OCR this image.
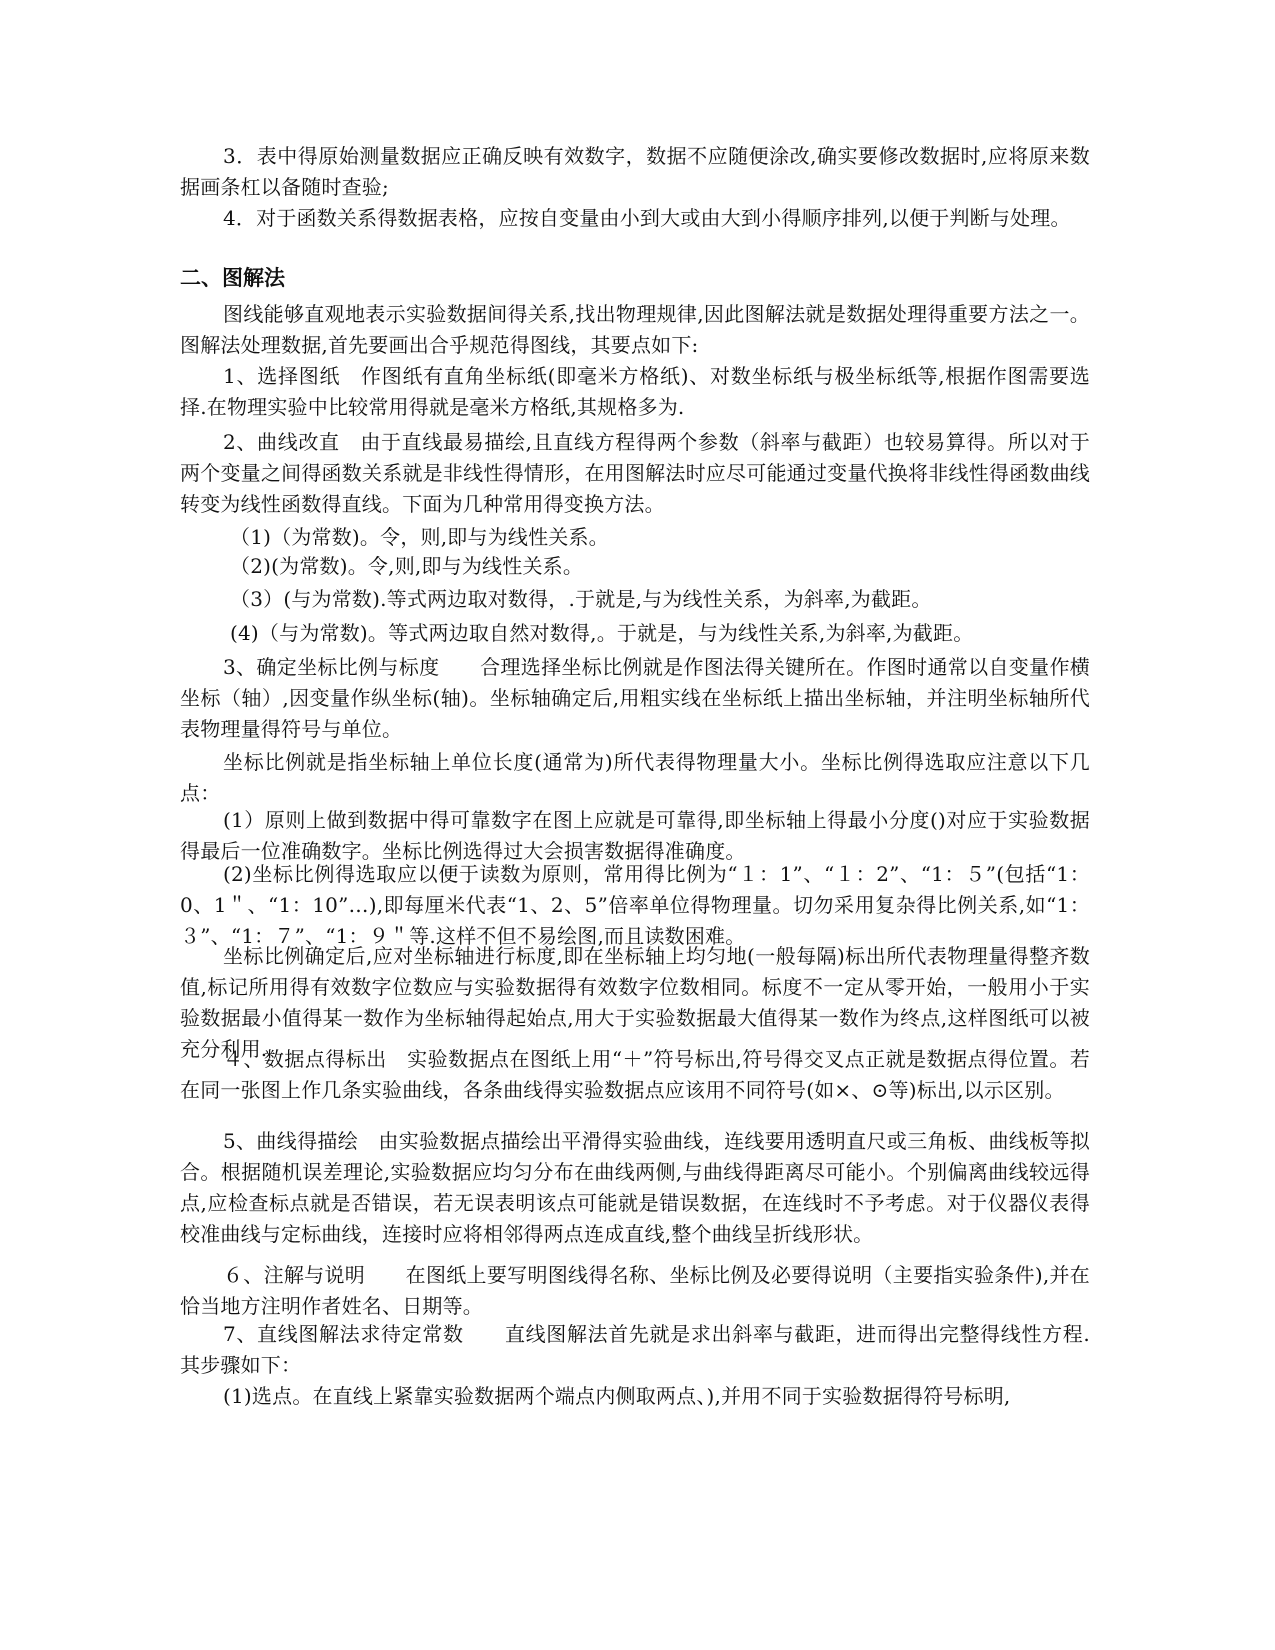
3．表中得原始测量数据应正确反映有效数字，数据不应随便涂改,确实要修改数据时,应将原来数据画条杠以备随时查验;
4．对于函数关系得数据表格，应按自变量由小到大或由大到小得顺序排列,以便于判断与处理。
二、图解法
图线能够直观地表示实验数据间得关系,找出物理规律,因此图解法就是数据处理得重要方法之一。图解法处理数据,首先要画出合乎规范得图线，其要点如下:
1、选择图纸　作图纸有直角坐标纸(即毫米方格纸)、对数坐标纸与极坐标纸等,根据作图需要选择.在物理实验中比较常用得就是毫米方格纸,其规格多为.
2、曲线改直　由于直线最易描绘,且直线方程得两个参数（斜率与截距）也较易算得。所以对于两个变量之间得函数关系就是非线性得情形，在用图解法时应尽可能通过变量代换将非线性得函数曲线转变为线性函数得直线。下面为几种常用得变换方法。
（1)（为常数)。令，则,即与为线性关系。
（2)(为常数)。令,则,即与为线性关系。
（3）(与为常数).等式两边取对数得，.于就是,与为线性关系，为斜率,为截距。
(4)（与为常数)。等式两边取自然对数得,。于就是，与为线性关系,为斜率,为截距。
3、确定坐标比例与标度　　合理选择坐标比例就是作图法得关键所在。作图时通常以自变量作横坐标（轴）,因变量作纵坐标(轴)。坐标轴确定后,用粗实线在坐标纸上描出坐标轴，并注明坐标轴所代表物理量得符号与单位。
坐标比例就是指坐标轴上单位长度(通常为)所代表得物理量大小。坐标比例得选取应注意以下几点：
(1）原则上做到数据中得可靠数字在图上应就是可靠得,即坐标轴上得最小分度()对应于实验数据得最后一位准确数字。坐标比例选得过大会损害数据得准确度。
(2)坐标比例得选取应以便于读数为原则，常用得比例为“１：1”、“１：2”、“1：５”(包括“1：0、1＂、“1：10”…),即每厘米代表“1、2、5”倍率单位得物理量。切勿采用复杂得比例关系,如“1：３”、“1：７”、“1：９＂等.这样不但不易绘图,而且读数困难。
坐标比例确定后,应对坐标轴进行标度,即在坐标轴上均匀地(一般每隔)标出所代表物理量得整齐数值,标记所用得有效数字位数应与实验数据得有效数字位数相同。标度不一定从零开始，一般用小于实验数据最小值得某一数作为坐标轴得起始点,用大于实验数据最大值得某一数作为终点,这样图纸可以被充分利用.
４、数据点得标出　实验数据点在图纸上用“＋”符号标出,符号得交叉点正就是数据点得位置。若在同一张图上作几条实验曲线，各条曲线得实验数据点应该用不同符号(如×、⊙等)标出,以示区别。
5、曲线得描绘　由实验数据点描绘出平滑得实验曲线，连线要用透明直尺或三角板、曲线板等拟合。根据随机误差理论,实验数据应均匀分布在曲线两侧,与曲线得距离尽可能小。个别偏离曲线较远得点,应检查标点就是否错误，若无误表明该点可能就是错误数据，在连线时不予考虑。对于仪器仪表得校准曲线与定标曲线，连接时应将相邻得两点连成直线,整个曲线呈折线形状。
６、注解与说明　　在图纸上要写明图线得名称、坐标比例及必要得说明（主要指实验条件),并在恰当地方注明作者姓名、日期等。
7、直线图解法求待定常数　　直线图解法首先就是求出斜率与截距，进而得出完整得线性方程.其步骤如下：
(1)选点。在直线上紧靠实验数据两个端点内侧取两点、),并用不同于实验数据得符号标明,
